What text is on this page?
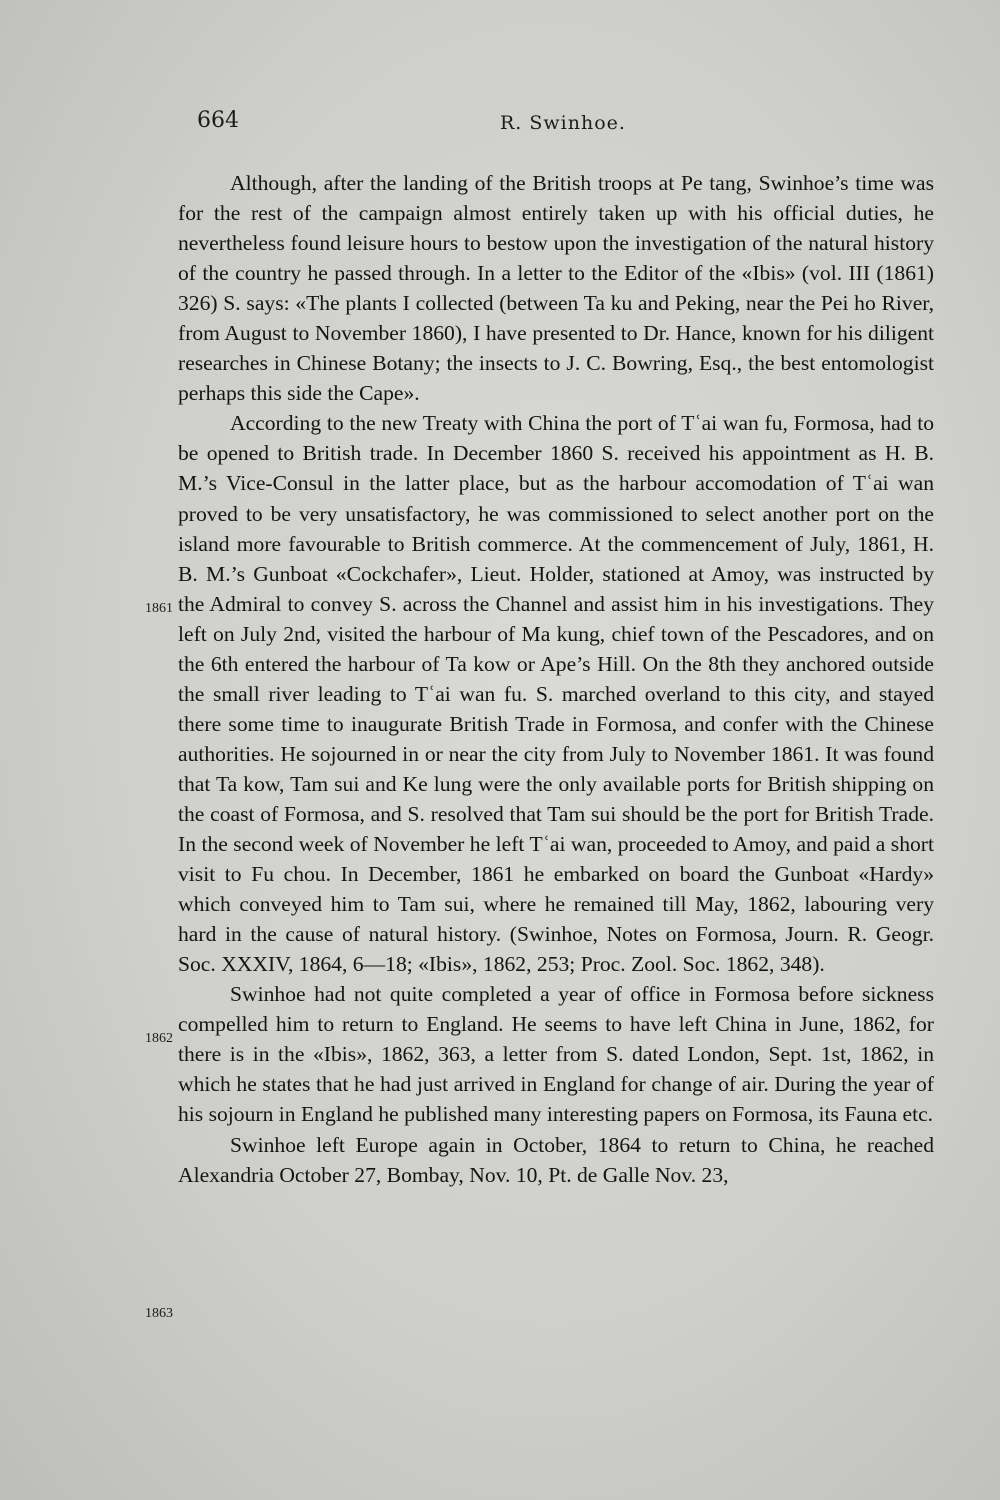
664	R. Swinhoe.

Although, after the landing of the British troops at Pe tang, Swinhoe’s time was for the rest of the campaign almost entirely taken up with his official duties, he nevertheless found leisure hours to bestow upon the investigation of the natural history of the country he passed through. In a letter to the Editor of the «Ibis» (vol. III (1861) 326) S. says: «The plants I collected (between Ta ku and Peking, near the Pei ho River, from August to November 1860), I have presented to Dr. Hance, known for his diligent researches in Chinese Botany; the insects to J. C. Bowring, Esq., the best entomologist perhaps this side the Cape».

According to the new Treaty with China the port of Tʿai wan fu, Formosa, had to be opened to British trade. In December 1860 S. received his appointment as H. B. M.’s Vice-Consul in the latter place, but as the harbour accomodation of Tʿai wan proved to be very unsatisfactory, he was commissioned to select another port on the island more favourable to British commerce. At the commencement of July, 1861, H. B. M.’s Gunboat «Cockchafer», Lieut. Holder, stationed at Amoy, was instructed by the Admiral to convey S. across the Channel and assist him in his investigations. They left on July 2nd, visited the harbour of Ma kung, chief town of the Pescadores, and on the 6th entered the harbour of Ta kow or Ape’s Hill. On the 8th they anchored outside the small river leading to Tʿai wan fu. S. marched overland to this city, and stayed there some time to inaugurate British Trade in Formosa, and confer with the Chinese authorities. He sojourned in or near the city from July to November 1861. It was found that Ta kow, Tam sui and Ke lung were the only available ports for British shipping on the coast of Formosa, and S. resolved that Tam sui should be the port for British Trade. In the second week of November he left Tʿai wan, proceeded to Amoy, and paid a short visit to Fu chou. In December, 1861 he embarked on board the Gunboat «Hardy» which conveyed him to Tam sui, where he remained till May, 1862, labouring very hard in the cause of natural history. (Swinhoe, Notes on Formosa, Journ. R. Geogr. Soc. XXXIV, 1864, 6—18; «Ibis», 1862, 253; Proc. Zool. Soc. 1862, 348).

Swinhoe had not quite completed a year of office in Formosa before sickness compelled him to return to England. He seems to have left China in June, 1862, for there is in the «Ibis», 1862, 363, a letter from S. dated London, Sept. 1st, 1862, in which he states that he had just arrived in England for change of air. During the year of his sojourn in England he published many interesting papers on Formosa, its Fauna etc.

Swinhoe left Europe again in October, 1864 to return to China, he reached Alexandria October 27, Bombay, Nov. 10, Pt. de Galle Nov. 23,

1861
1862
1863
